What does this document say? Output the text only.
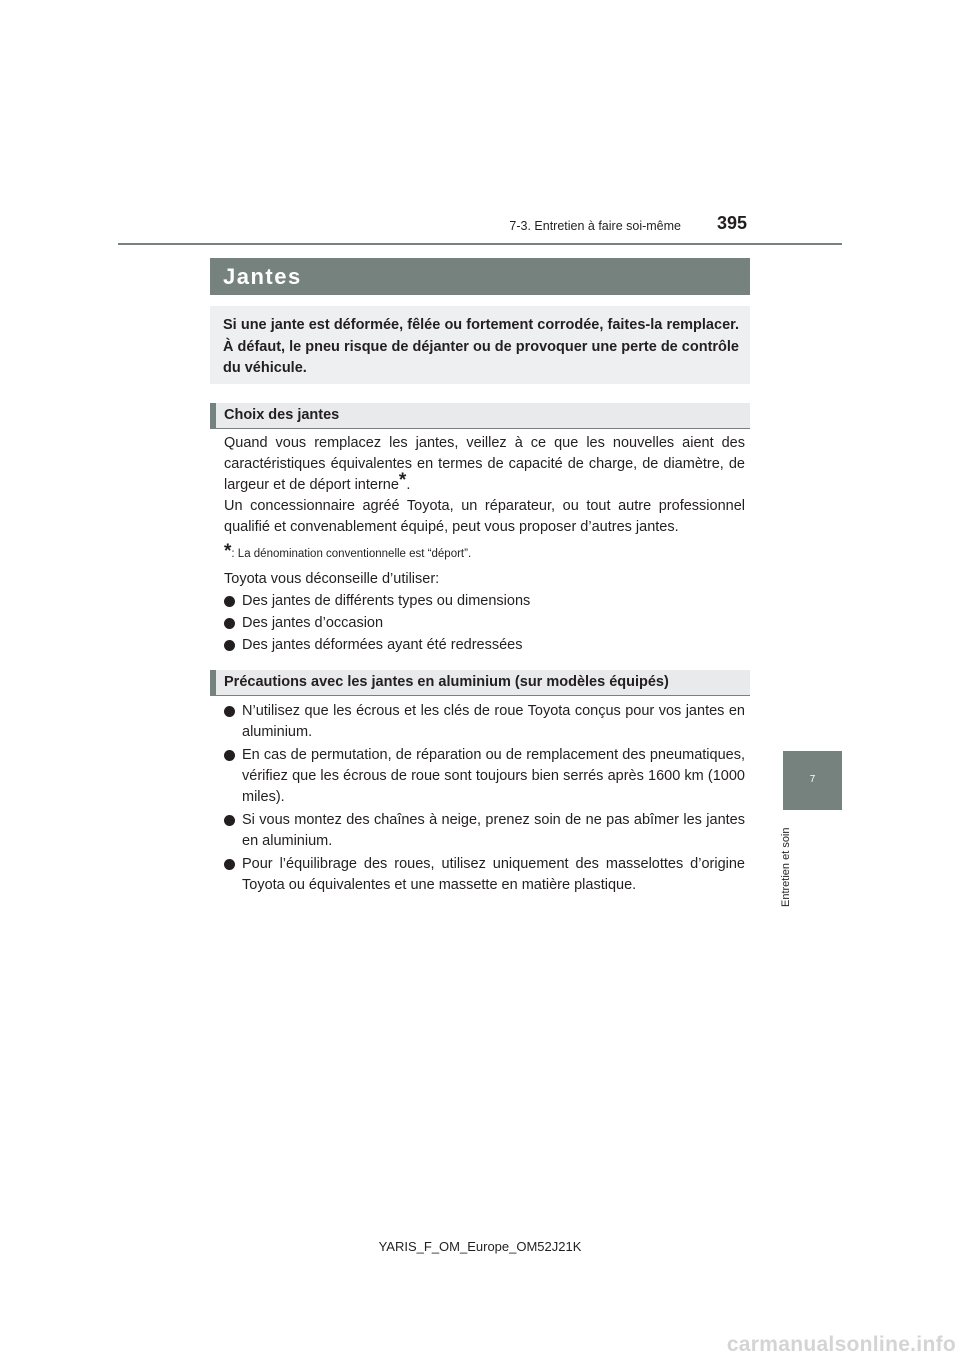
7-3. Entretien à faire soi-même	395
7
Entretien et soin
Jantes

Si une jante est déformée, fêlée ou fortement corrodée, faites-la remplacer. À défaut, le pneu risque de déjanter ou de provoquer une perte de contrôle du véhicule.

Choix des jantes
Quand vous remplacez les jantes, veillez à ce que les nouvelles aient des caractéristiques équivalentes en termes de capacité de charge, de diamètre, de largeur et de déport interne*.
Un concessionnaire agréé Toyota, un réparateur, ou tout autre professionnel qualifié et convenablement équipé, peut vous proposer d’autres jantes.
*: La dénomination conventionnelle est “déport”.
Toyota vous déconseille d’utiliser:
Des jantes de différents types ou dimensions
Des jantes d’occasion
Des jantes déformées ayant été redressées
Précautions avec les jantes en aluminium (sur modèles équipés)
N’utilisez que les écrous et les clés de roue Toyota conçus pour vos jantes en aluminium.
En cas de permutation, de réparation ou de remplacement des pneumatiques, vérifiez que les écrous de roue sont toujours bien serrés après 1600 km (1000 miles).
Si vous montez des chaînes à neige, prenez soin de ne pas abîmer les jantes en aluminium.
Pour l’équilibrage des roues, utilisez uniquement des masselottes d’origine Toyota ou équivalentes et une massette en matière plastique.
YARIS_F_OM_Europe_OM52J21K
carmanualsonline.info
